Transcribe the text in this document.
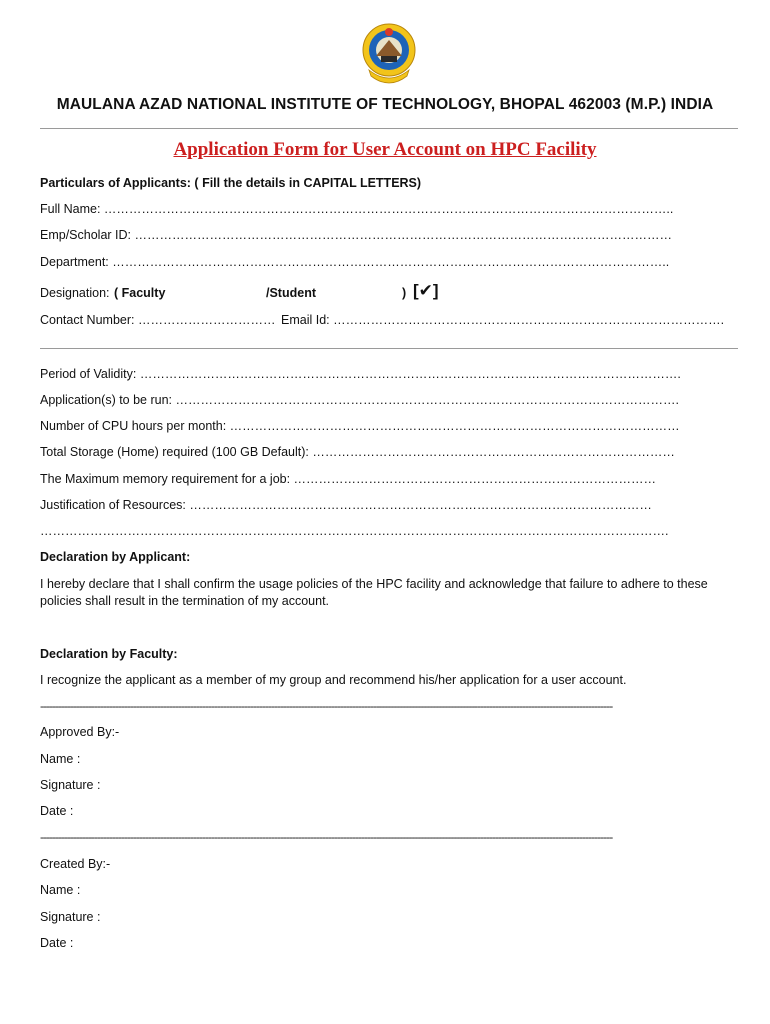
MAULANA AZAD NATIONAL INSTITUTE OF TECHNOLOGY, BHOPAL 462003 (M.P.) INDIA
Application Form for User Account on HPC Facility
Particulars of Applicants: ( Fill the details in CAPITAL LETTERS)
Full Name: ………………………………………………………………………………………………………………………..
Emp/Scholar ID: …………………………………………………………………………………………………………………
Department: ……………………………………………………………………………………………………………………..
Designation: ( Faculty	/Student	) [✔]
Contact Number: …………………………… Email Id: ………………………………………………………………………………….
Period of Validity: ………………………………………………………………………………………………………………….
Application(s) to be run: ………………………………………………………………………………………………………….
Number of CPU hours per month: ………………………………………………………………………………………………
Total Storage (Home) required (100 GB Default): ……………………………………………………………………………
The Maximum memory requirement for a job: ……………………………………………………………………………
Justification of Resources: …………………………………………………………………………………………………
…………………………………………………………………………………………………………………………………….
Declaration by Applicant:
I hereby declare that I shall confirm the usage policies of the HPC facility and acknowledge that failure to adhere to these policies shall result in the termination of my account.
Declaration by Faculty:
I recognize the applicant as a member of my group and recommend his/her application for a user account.
-----------------------------------------------------------------------------------------------------------------------------------------------------------------------------------------------
Approved By:-
Name :
Signature :
Date :
-----------------------------------------------------------------------------------------------------------------------------------------------------------------------------------------------
Created By:-
Name :
Signature :
Date :
